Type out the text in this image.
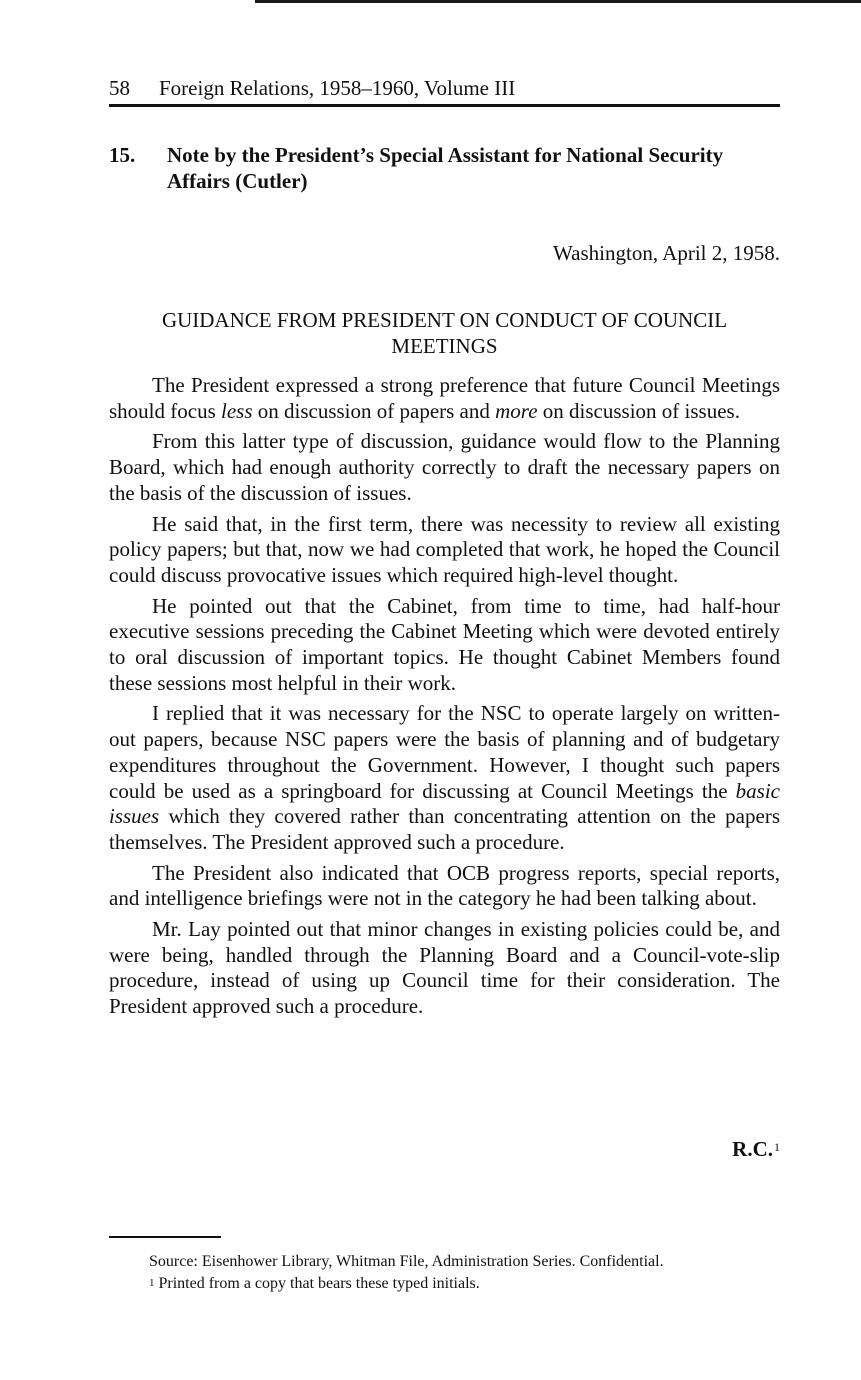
58 Foreign Relations, 1958–1960, Volume III
15. Note by the President’s Special Assistant for National Security Affairs (Cutler)
Washington, April 2, 1958.
GUIDANCE FROM PRESIDENT ON CONDUCT OF COUNCIL MEETINGS

The President expressed a strong preference that future Council Meetings should focus less on discussion of papers and more on discussion of issues.

From this latter type of discussion, guidance would flow to the Planning Board, which had enough authority correctly to draft the necessary papers on the basis of the discussion of issues.

He said that, in the first term, there was necessity to review all existing policy papers; but that, now we had completed that work, he hoped the Council could discuss provocative issues which required high-level thought.

He pointed out that the Cabinet, from time to time, had half-hour executive sessions preceding the Cabinet Meeting which were devoted entirely to oral discussion of important topics. He thought Cabinet Members found these sessions most helpful in their work.

I replied that it was necessary for the NSC to operate largely on written-out papers, because NSC papers were the basis of planning and of budgetary expenditures throughout the Government. However, I thought such papers could be used as a springboard for discussing at Council Meetings the basic issues which they covered rather than concentrating attention on the papers themselves. The President approved such a procedure.

The President also indicated that OCB progress reports, special reports, and intelligence briefings were not in the category he had been talking about.

Mr. Lay pointed out that minor changes in existing policies could be, and were being, handled through the Planning Board and a Council-vote-slip procedure, instead of using up Council time for their consideration. The President approved such a procedure.

R.C.$^1$

Source: Eisenhower Library, Whitman File, Administration Series. Confidential.

$^1$ Printed from a copy that bears these typed initials.
